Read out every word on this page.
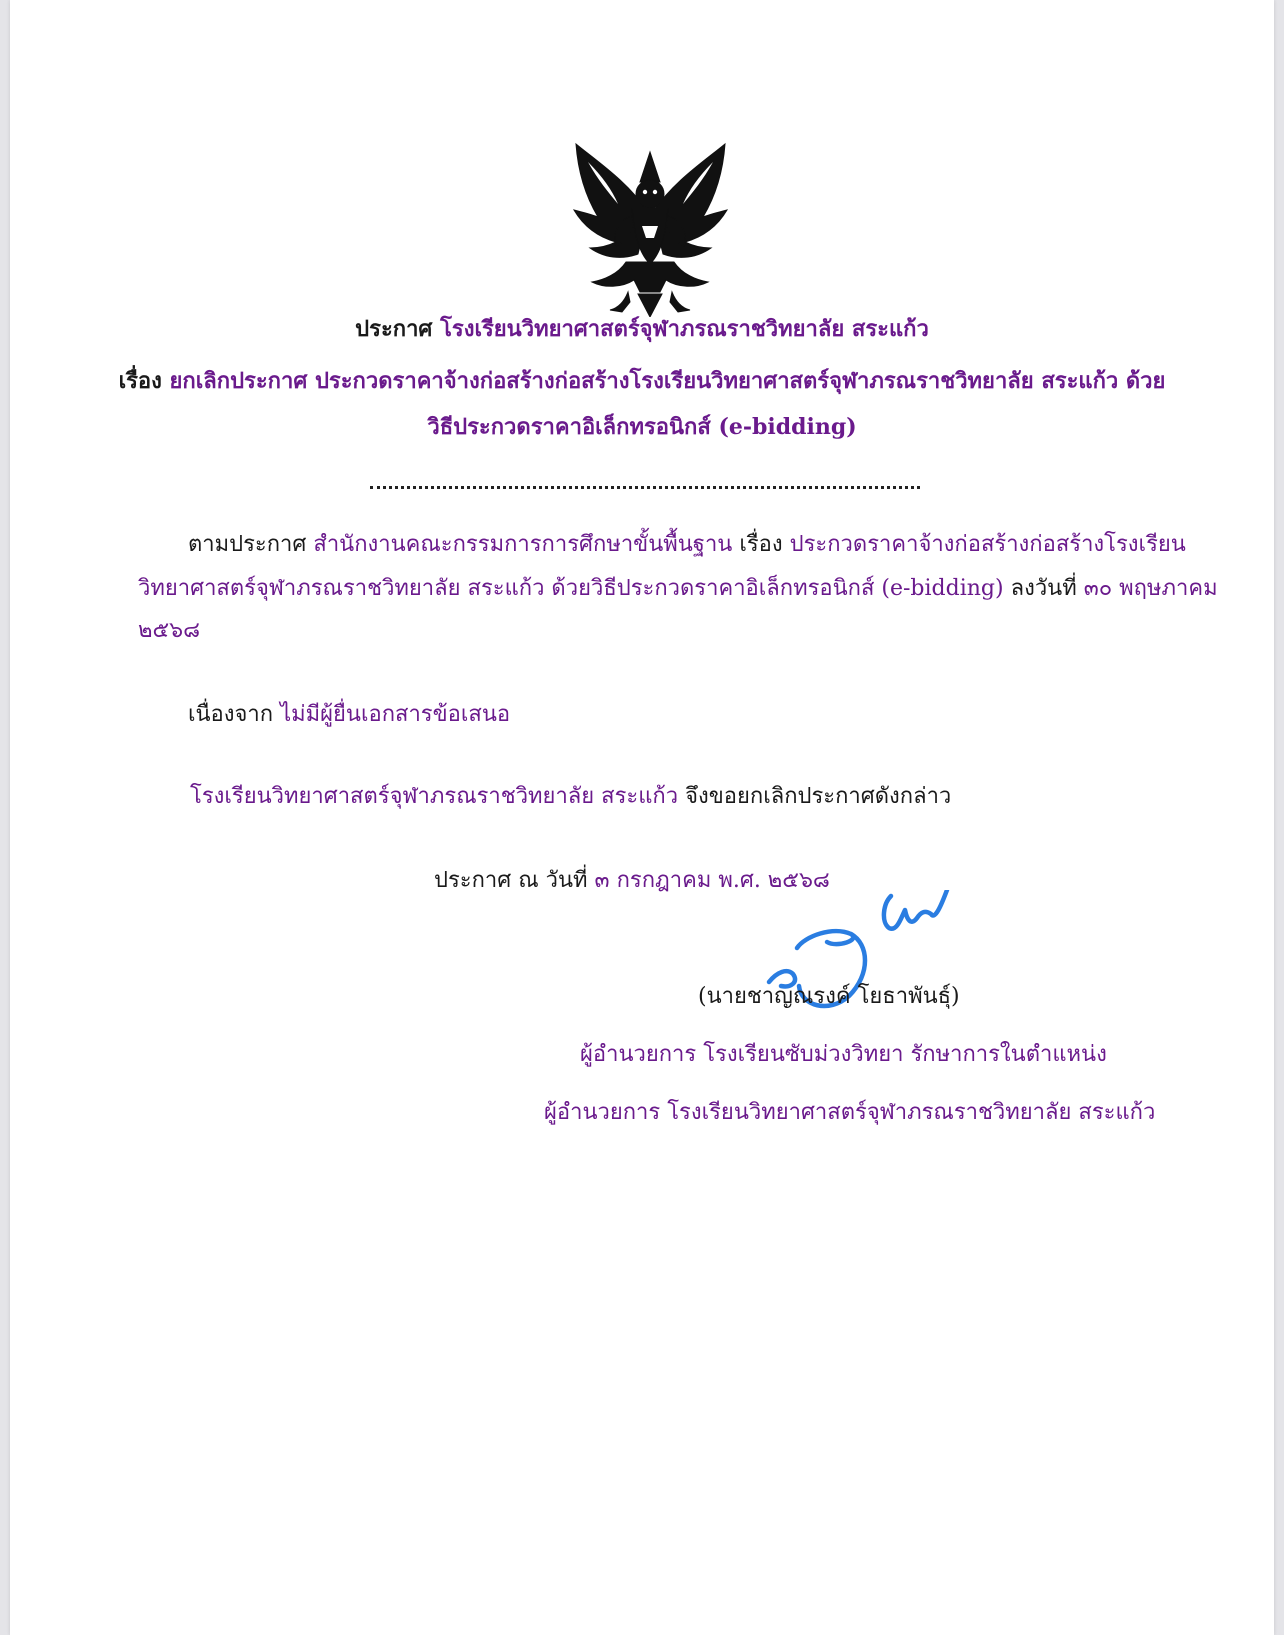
ประกาศ โรงเรียนวิทยาศาสตร์จุฬาภรณราชวิทยาลัย สระแก้ว
เรื่อง ยกเลิกประกาศ ประกวดราคาจ้างก่อสร้างก่อสร้างโรงเรียนวิทยาศาสตร์จุฬาภรณราชวิทยาลัย สระแก้ว ด้วย
วิธีประกวดราคาอิเล็กทรอนิกส์ (e-bidding)
ตามประกาศ สำนักงานคณะกรรมการการศึกษาขั้นพื้นฐาน เรื่อง ประกวดราคาจ้างก่อสร้างก่อสร้างโรงเรียน
วิทยาศาสตร์จุฬาภรณราชวิทยาลัย สระแก้ว ด้วยวิธีประกวดราคาอิเล็กทรอนิกส์ (e-bidding) ลงวันที่ ๓๐ พฤษภาคม
๒๕๖๘
เนื่องจาก ไม่มีผู้ยื่นเอกสารข้อเสนอ
โรงเรียนวิทยาศาสตร์จุฬาภรณราชวิทยาลัย สระแก้ว จึงขอยกเลิกประกาศดังกล่าว
ประกาศ ณ วันที่ ๓ กรกฎาคม พ.ศ. ๒๕๖๘
(นายชาญณรงค์ โยธาพันธุ์)
ผู้อำนวยการ โรงเรียนซับม่วงวิทยา รักษาการในตำแหน่ง
ผู้อำนวยการ โรงเรียนวิทยาศาสตร์จุฬาภรณราชวิทยาลัย สระแก้ว
